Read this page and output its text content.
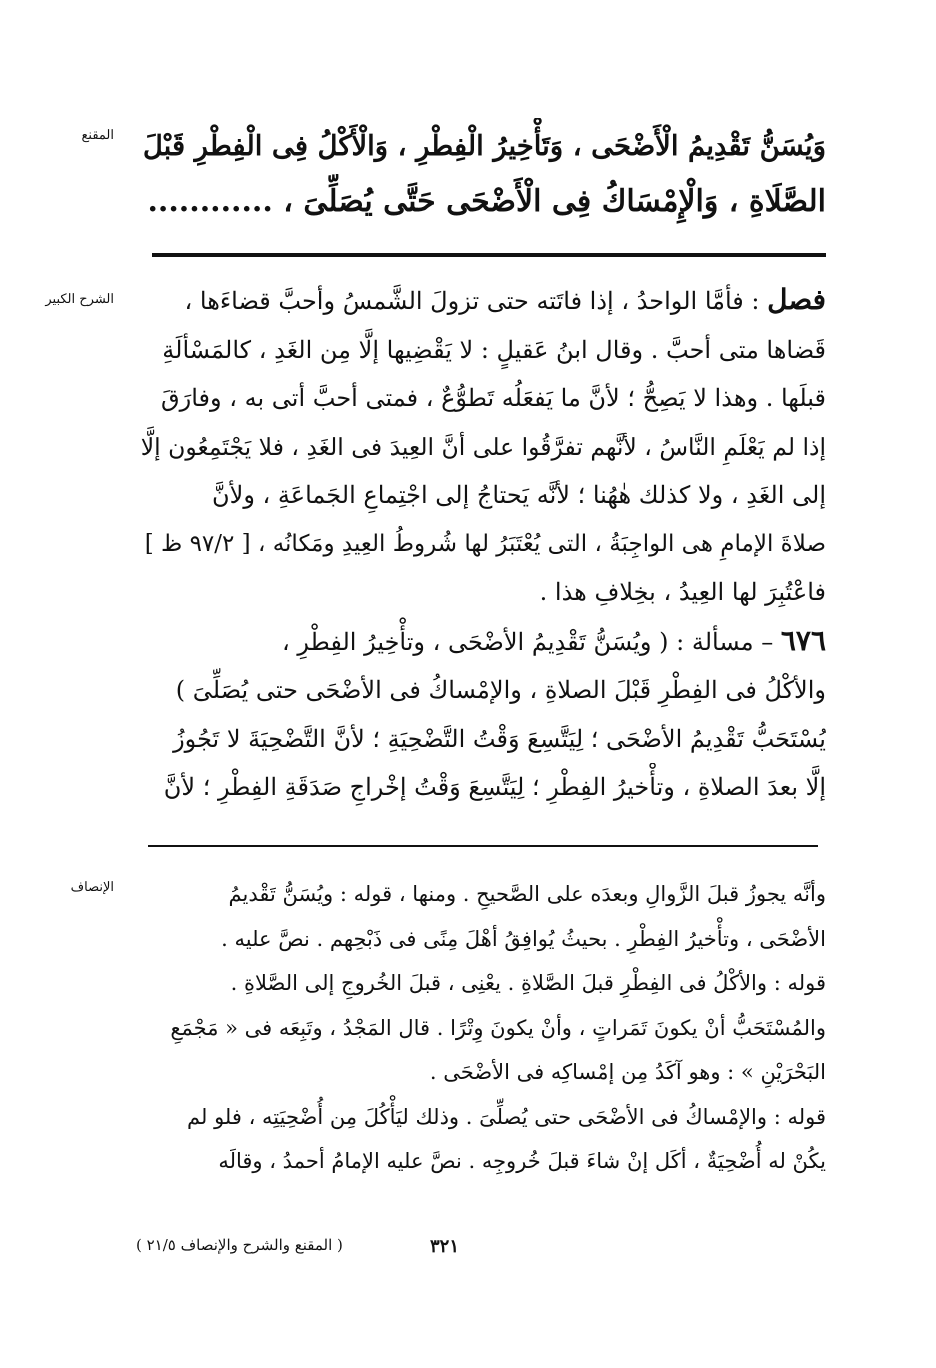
المقنع وَيُسَنُّ تَقْدِيمُ الْأَضْحَى ، وَتَأْخِيرُ الْفِطْرِ ، وَالْأَكْلُ فِى الْفِطْرِ قَبْلَ
الصَّلَاةِ ، وَالْإِمْسَاكُ فِى الْأَضْحَى حَتَّى يُصَلِّىَ ، ............
الشرح الكبير	فصل : فأمَّا الواحدُ ، إذا فاتَته حتى تزولَ الشَّمسُ وأحبَّ قضاءَها ،
قَضاها متى أحبَّ . وقال ابنُ عَقيلٍ : لا يَقْضِيها إلَّا مِن الغَدِ ، كالمَسْألَةِ
قبلَها . وهذا لا يَصِحُّ ؛ لأنَّ ما يَفعَلُه تَطوُّعٌ ، فمتى أحبَّ أتى به ، وفارَقَ
إذا لم يَعْلَمِ النَّاسُ ، لأنَّهم تفرَّقُوا على أنَّ العِيدَ فى الغَدِ ، فلا يَجْتَمِعُون إلَّا
إلى الغَدِ ، ولا كذلك هٰهُنا ؛ لأنَّه يَحتاجُ إلى اجْتِماعِ الجَماعَةِ ، ولأنَّ
صلاةَ الإمامِ هى الواجِبَةُ ، التى يُعْتَبَرُ لها شُروطُ العِيدِ ومَكانُه ، [ ٩٧/٢ ظ ]
فاعْتُبِرَ لها العِيدُ ، بخِلافِ هذا .
٦٧٦ – مسألة : ( ويُسَنُّ تَقْدِيمُ الأضْحَى ، وتأْخِيرُ الفِطْرِ ،
والأكْلُ فى الفِطْرِ قَبْلَ الصلاةِ ، والإمْساكُ فى الأضْحَى حتى يُصَلِّىَ )
يُسْتَحَبُّ تَقْدِيمُ الأضْحَى ؛ لِيَتَّسِعَ وَقْتُ التَّضْحِيَةِ ؛ لأنَّ التَّضْحِيَةَ لا تَجُوزُ
إلَّا بعدَ الصلاةِ ، وتأْخيرُ الفِطْرِ ؛ لِيَتَّسِعَ وَقْتُ إخْراجِ صَدَقَةِ الفِطْرِ ؛ لأنَّ
الإنصاف	وأنَّه يجوزُ قبلَ الزَّوالِ وبعدَه على الصَّحيحِ . ومنها ، قوله : ويُسَنُّ تَقْديمُ
الأضْحَى ، وتأْخيرُ الفِطْرِ . بحيثُ يُوافِقُ أهْلَ مِنًى فى ذَبْحِهم . نصَّ عليه .
قوله : والأكْلُ فى الفِطْرِ قبلَ الصَّلاةِ . يعْنِى ، قبلَ الخُروجِ إلى الصَّلاةِ .
والمُسْتَحَبُّ أنْ يكونَ تَمَراتٍ ، وأنْ يكونَ وِتْرًا . قال المَجْدُ ، وتَبِعَه فى « مَجْمَعِ
البَحْرَيْنِ » : وهو آكَدُ مِن إمْساكِه فى الأضْحَى .
قوله : والإمْساكُ فى الأضْحَى حتى يُصلِّىَ . وذلك ليَأْكُلَ مِن أُضْحِيَتِه ، فلو لم
يكُنْ له أُضْحِيَةٌ ، أكَل إنْ شاءَ قبلَ خُروجِه . نصَّ عليه الإمامُ أحمدُ ، وقالَه
٣٢١
( المقنع والشرح والإنصاف ٢١/٥ )
